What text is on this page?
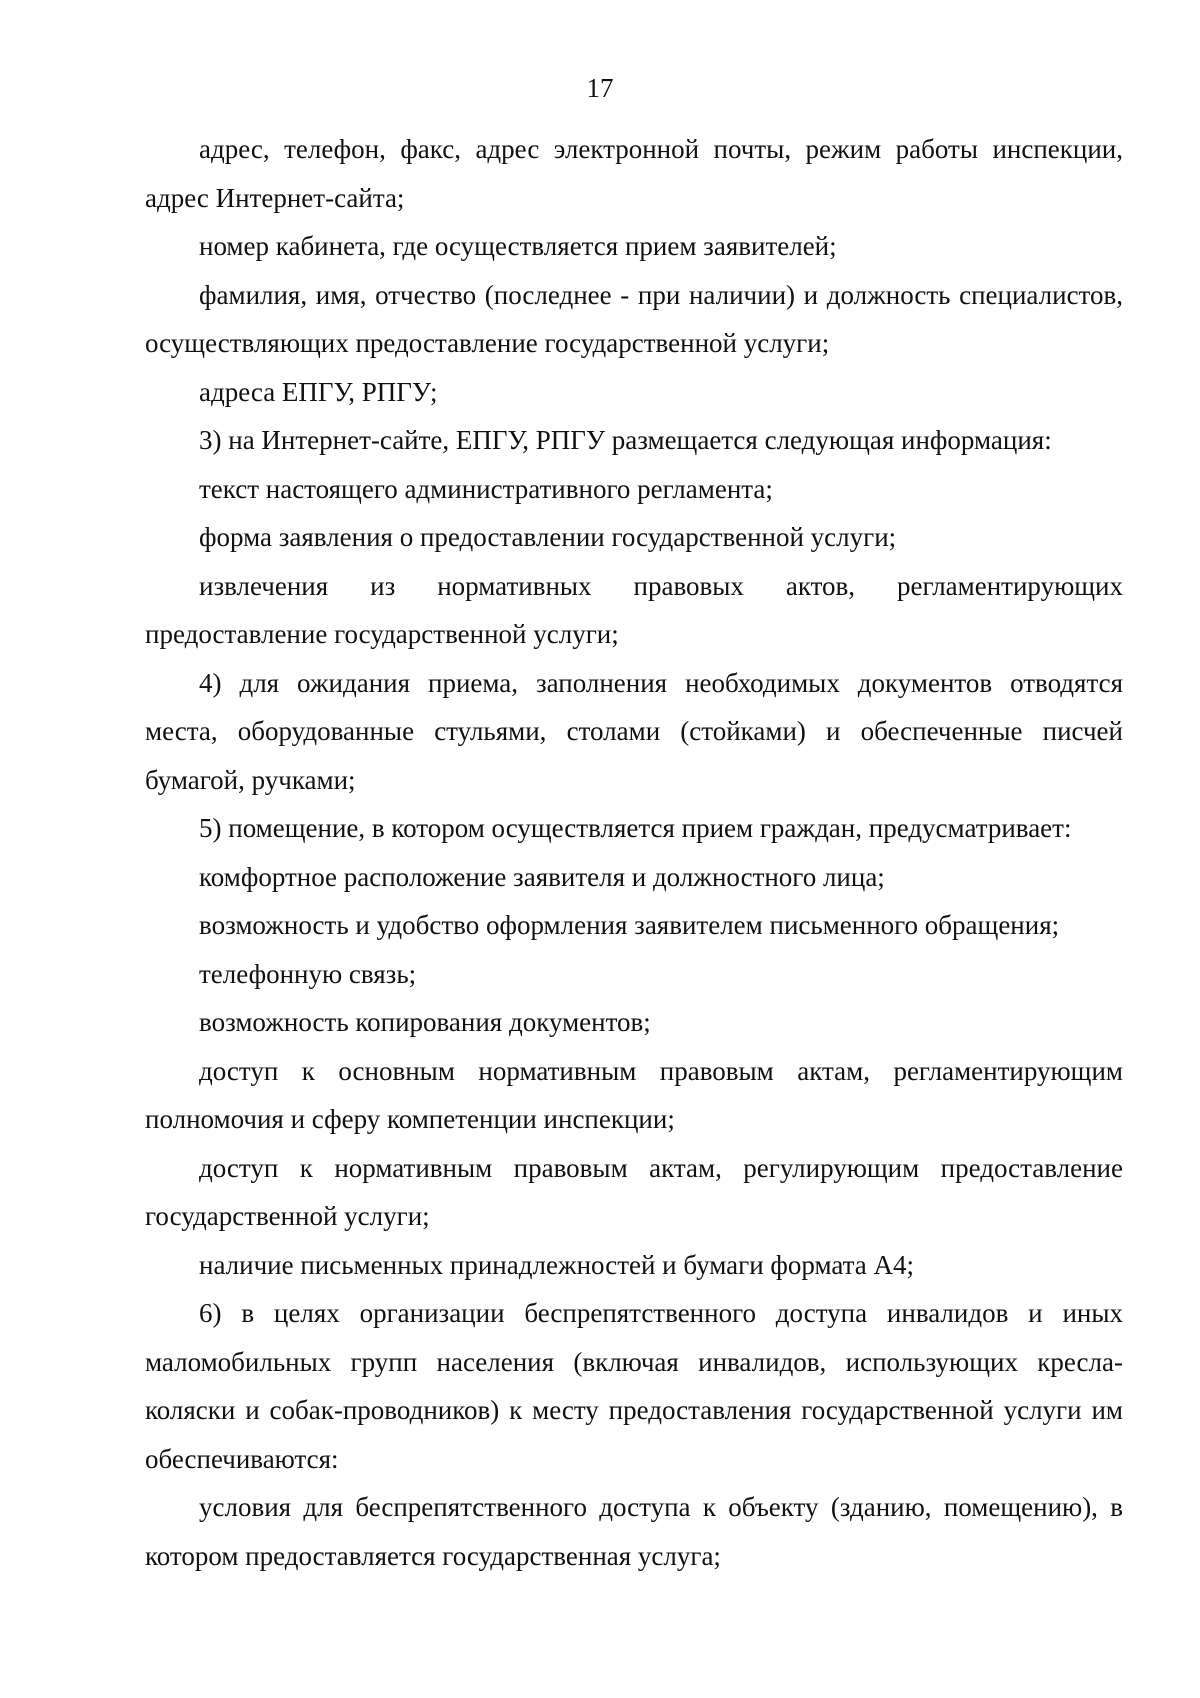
17

адрес, телефон, факс, адрес электронной почты, режим работы инспекции, адрес Интернет-сайта;

номер кабинета, где осуществляется прием заявителей;

фамилия, имя, отчество (последнее - при наличии) и должность специалистов, осуществляющих предоставление государственной услуги;

адреса ЕПГУ, РПГУ;

3) на Интернет-сайте, ЕПГУ, РПГУ размещается следующая информация:

текст настоящего административного регламента;

форма заявления о предоставлении государственной услуги;

извлечения из нормативных правовых актов, регламентирующих предоставление государственной услуги;

4) для ожидания приема, заполнения необходимых документов отводятся места, оборудованные стульями, столами (стойками) и обеспеченные писчей бумагой, ручками;

5) помещение, в котором осуществляется прием граждан, предусматривает:

комфортное расположение заявителя и должностного лица;

возможность и удобство оформления заявителем письменного обращения;

телефонную связь;

возможность копирования документов;

доступ к основным нормативным правовым актам, регламентирующим полномочия и сферу компетенции инспекции;

доступ к нормативным правовым актам, регулирующим предоставление государственной услуги;

наличие письменных принадлежностей и бумаги формата А4;

6) в целях организации беспрепятственного доступа инвалидов и иных маломобильных групп населения (включая инвалидов, использующих кресла-коляски и собак-проводников) к месту предоставления государственной услуги им обеспечиваются:

условия для беспрепятственного доступа к объекту (зданию, помещению), в котором предоставляется государственная услуга;
